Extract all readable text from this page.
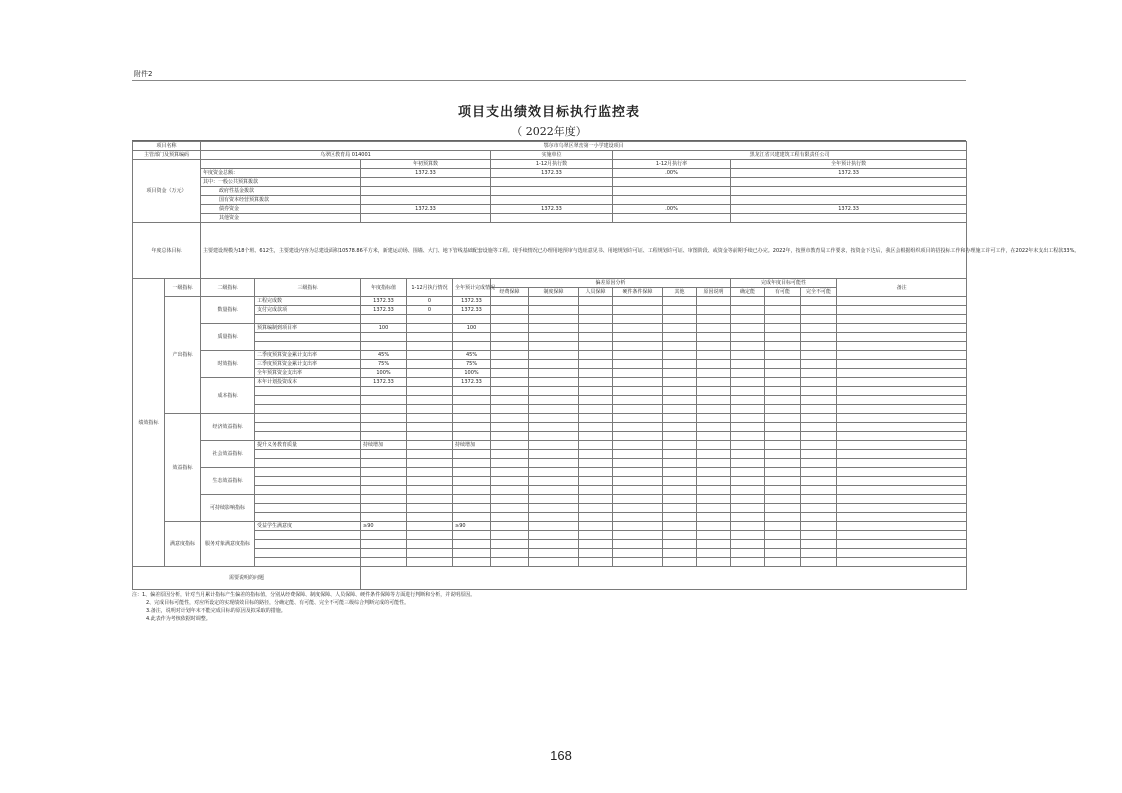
附件2
项目支出绩效目标执行监控表
（ 2022年度）
项目名称		鄂尔市乌翠区翠峦第一小学建设项目														
主管部门及预算编码		乌翠区教育局 014001					实施单位			黑龙江省兴建建筑工程有限责任公司						
项目资金（万元）				年初预算数			1-12月执行数			1-12月执行率			全年预计执行数			
		年度资金总额：		1372.33			1372.33			.00%			1372.33			
		其中：一般公共预算拨款														
		政府性基金拨款														
		国有资本经营预算拨款														
		债券资金		1372.33			1372.33			.00%			1372.33			
		其他资金														
年度总体目标		主要建设规模为18个班、612生，主要建设内容为总建设面积10578.86平方米，新建运动场、围墙、大门、地下管线基础配套设施等工程。现手续情况已办理用地预审与选址意见书、用地规划许可证、工程规划许可证、审图阶段、或资金等前期手续已办完。2022年，按照市教育局工作要求，按资金下达后，我区会根据组织项目的招投标工作和办理施工许可工作，在2022年末支出工程款33%。														
绩效指标	一级指标	二级指标	三级指标	年度指标值	1-12月执行情况	全年预计完成情况	偏差原因分析						完成年度目标可能性			备注
							经费保障	制度保障	人员保障	硬件条件保障	其他	原因说明	确定能	有可能	完全不可能	
	产出指标	数量指标	工程完成数	1372.33	0	1372.33										
			支付完成款项	1372.33	0	1372.33										

		质量指标	预算编制到项目率	100		100										

		时效指标	二季度预算资金累计支出率	45%		45%										
			三季度预算资金累计支出率	75%		75%										
			全年预算资金支出率	100%		100%										
		成本指标	本年计划投资成本	1372.33		1372.33										

	效益指标	经济效益指标														

		社会效益指标	提升义务教育质量	持续增加		持续增加										

		生态效益指标														

		可持续影响指标														

	满意度指标	服务对象满意度指标	受益学生满意度	≥90		≥90										

需要说明的问题																
注：1、偏差原因分析，针对当月累计指标产生偏差的指标值，分别从经费保障、制度保障、人员保障、硬件条件保障等方面进行判断和分析，并说明原因。
2、完成目标可能性，对应所设定的实现绩效目标的路径，分确定能、有可能、完全不可能三级综合判断完成的可能性。
3.备注，说明对计划年末不能完成目标的原因及拟采取的措施。
4.此表作为考核依据时调整。
168
